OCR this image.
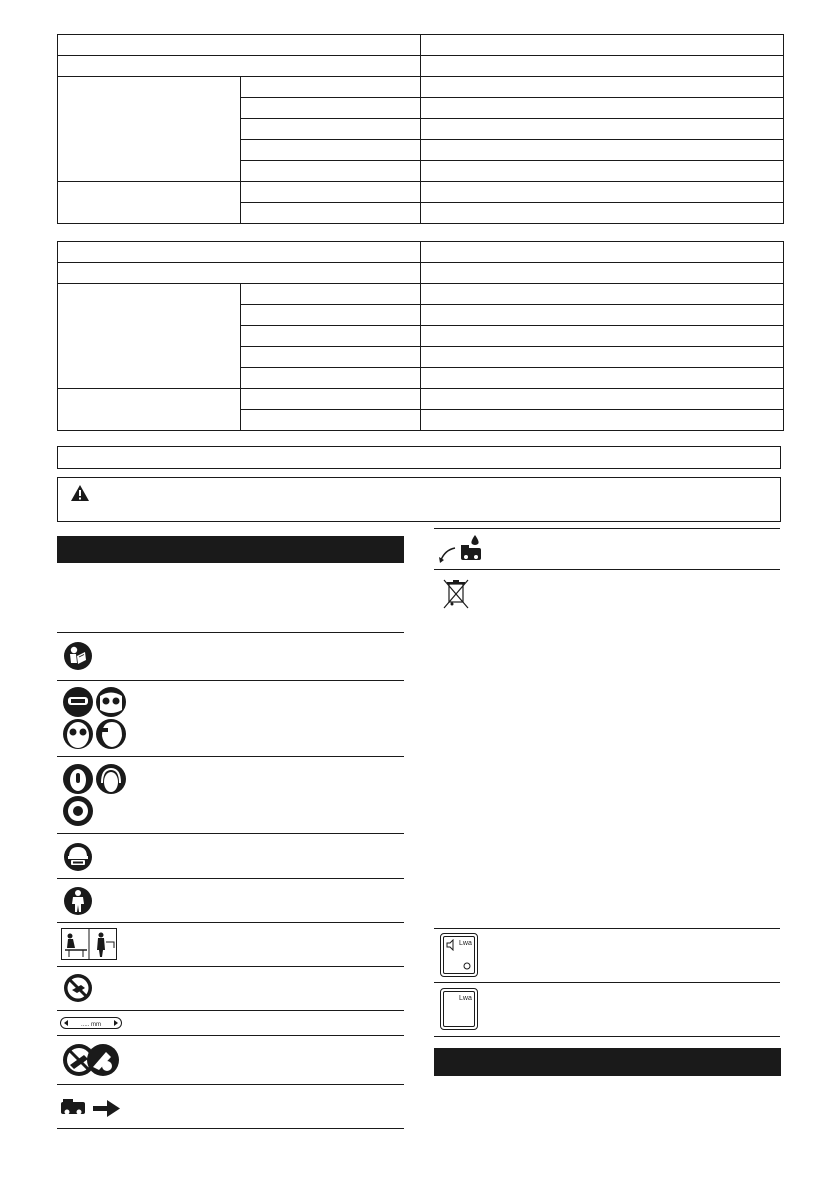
..... mm
Lwa
Lwa
